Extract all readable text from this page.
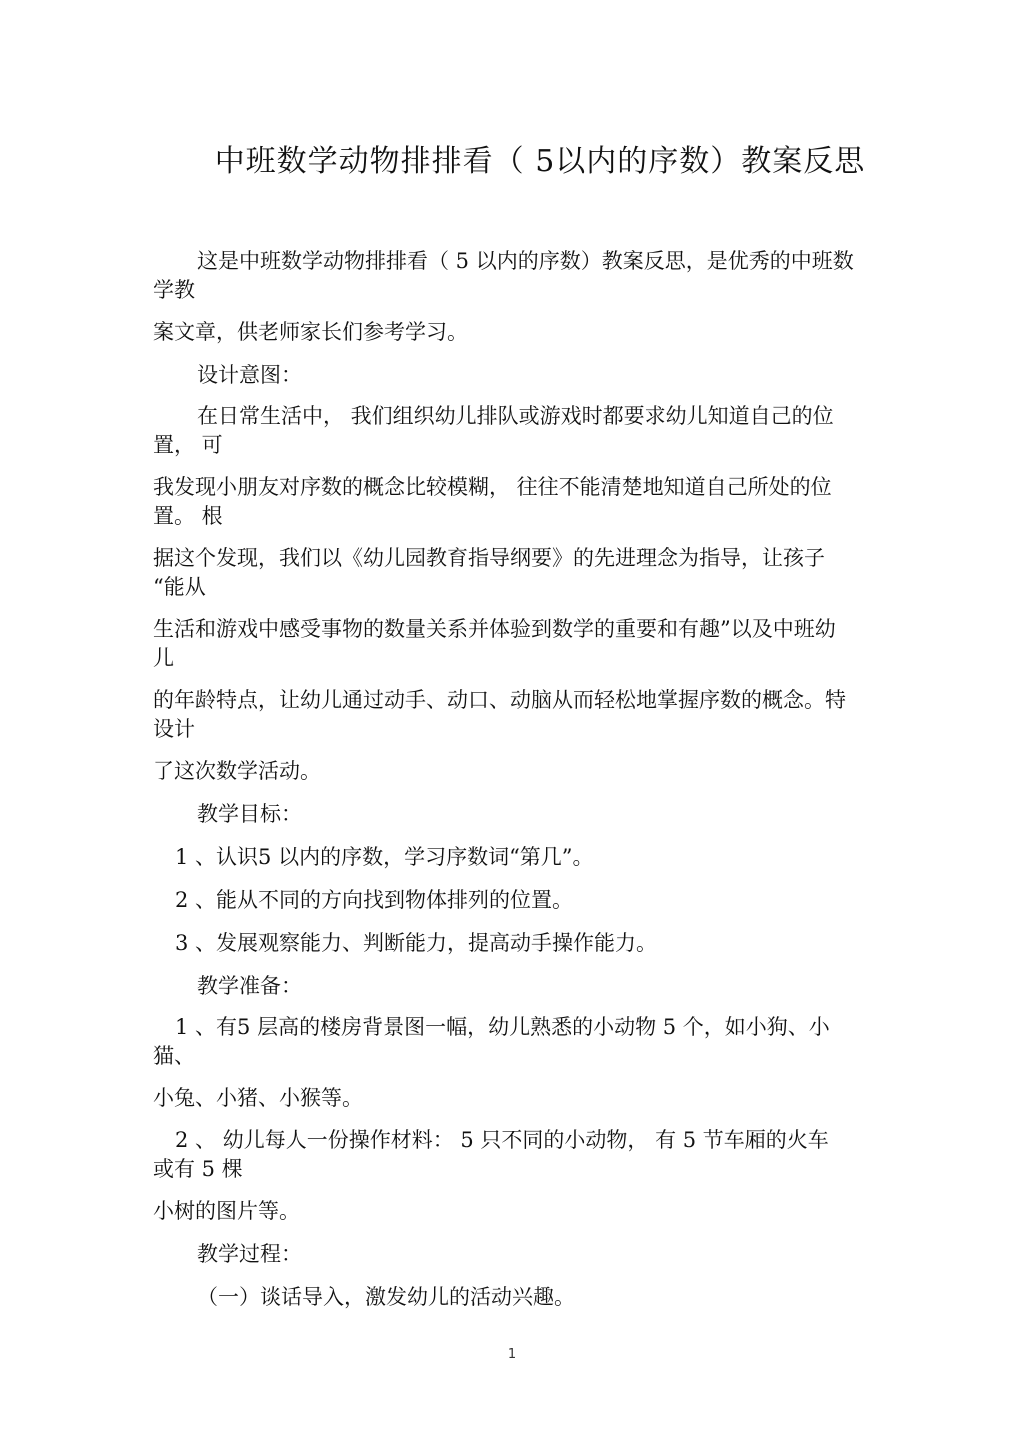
中班数学动物排排看（ 5以内的序数）教案反思
这是中班数学动物排排看（ 5 以内的序数）教案反思，是优秀的中班数
学教
案文章，供老师家长们参考学习。
设计意图：
在日常生活中， 我们组织幼儿排队或游戏时都要求幼儿知道自己的位
置， 可
我发现小朋友对序数的概念比较模糊， 往往不能清楚地知道自己所处的位
置。 根
据这个发现，我们以《幼儿园教育指导纲要》的先进理念为指导，让孩子
“能从
生活和游戏中感受事物的数量关系并体验到数学的重要和有趣”以及中班幼
儿
的年龄特点，让幼儿通过动手、动口、动脑从而轻松地掌握序数的概念。特
设计
了这次数学活动。
教学目标：
1 、认识5 以内的序数，学习序数词“第几”。
2 、能从不同的方向找到物体排列的位置。
3 、发展观察能力、判断能力，提高动手操作能力。
教学准备：
1 、有5 层高的楼房背景图一幅，幼儿熟悉的小动物 5 个，如小狗、小
猫、
小兔、小猪、小猴等。
2 、 幼儿每人一份操作材料： 5 只不同的小动物， 有 5 节车厢的火车
或有 5 棵
小树的图片等。
教学过程：
（一）谈话导入，激发幼儿的活动兴趣。
1
